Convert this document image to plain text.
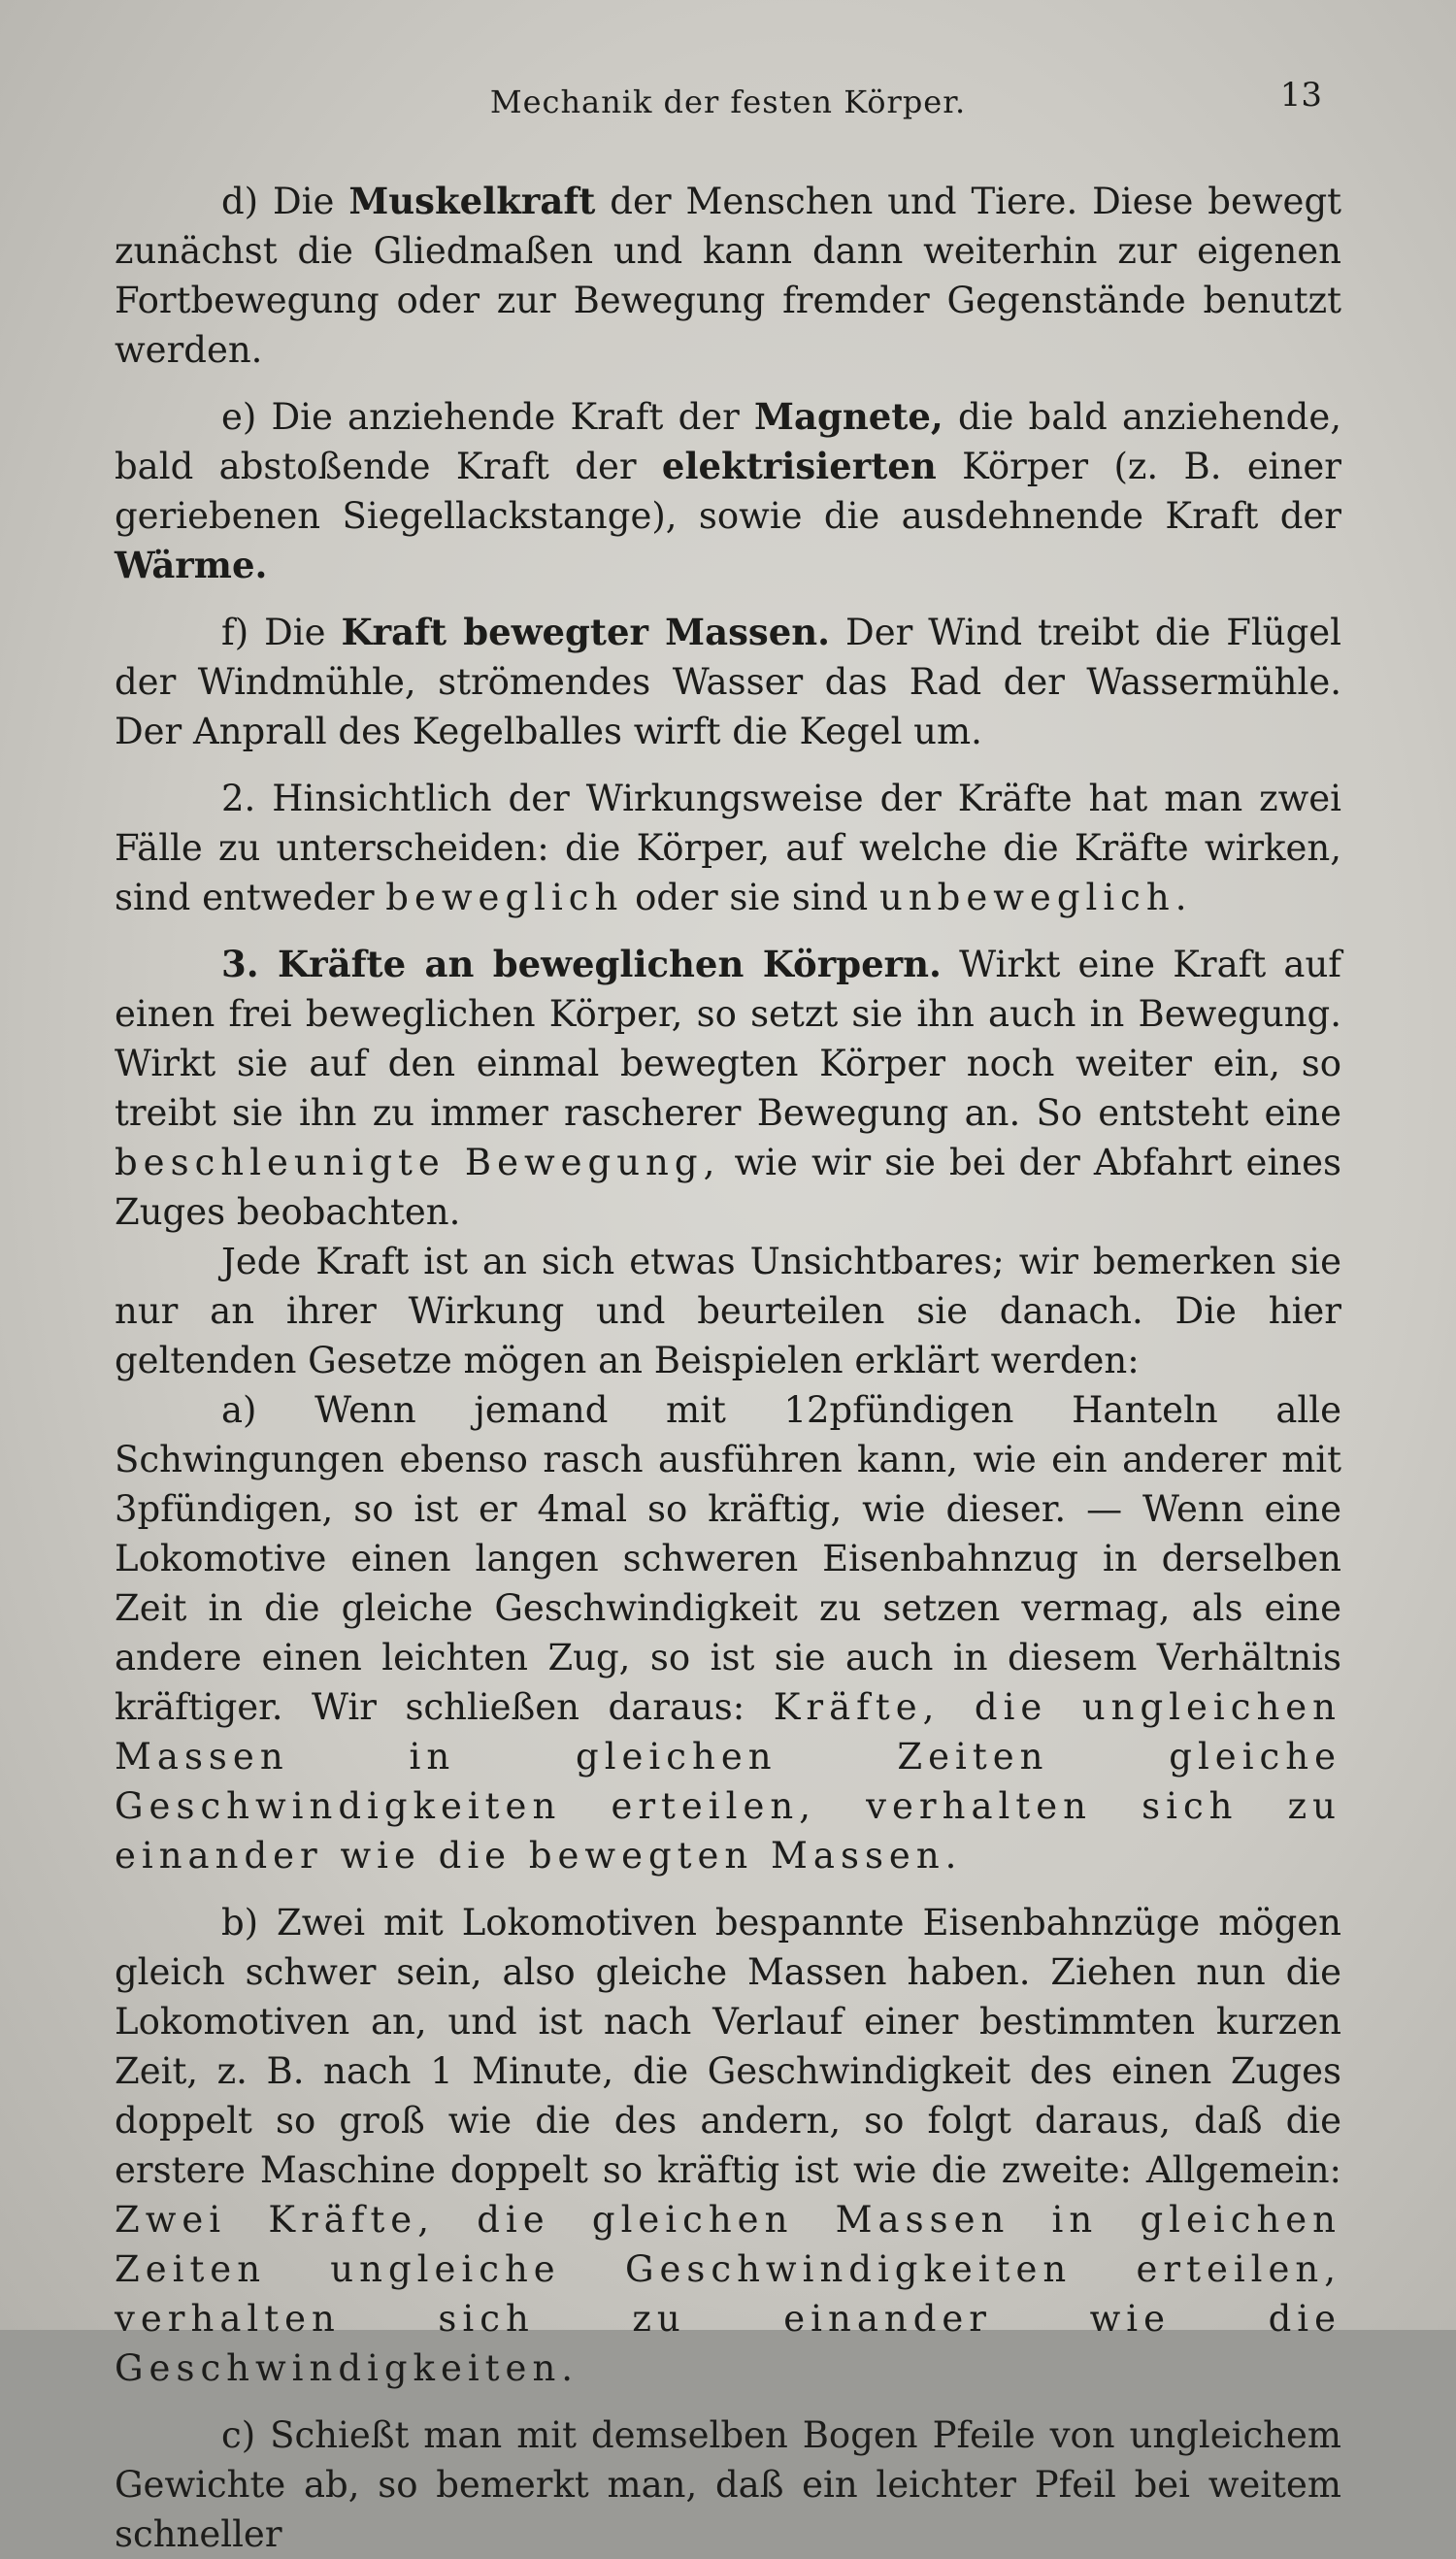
Mechanik der festen Körper.	13

d) Die Muskelkraft der Menschen und Tiere. Diese bewegt zunächst die Gliedmaßen und kann dann weiterhin zur eigenen Fortbewegung oder zur Bewegung fremder Gegenstände benutzt werden.

e) Die anziehende Kraft der Magnete, die bald anziehende, bald abstoßende Kraft der elektrisierten Körper (z. B. einer geriebenen Siegellackstange), sowie die ausdehnende Kraft der Wärme.

f) Die Kraft bewegter Massen. Der Wind treibt die Flügel der Windmühle, strömendes Wasser das Rad der Wassermühle. Der Anprall des Kegelballes wirft die Kegel um.

2. Hinsichtlich der Wirkungsweise der Kräfte hat man zwei Fälle zu unterscheiden: die Körper, auf welche die Kräfte wirken, sind entweder beweglich oder sie sind unbeweglich.

3. Kräfte an beweglichen Körpern. Wirkt eine Kraft auf einen frei beweglichen Körper, so setzt sie ihn auch in Bewegung. Wirkt sie auf den einmal bewegten Körper noch weiter ein, so treibt sie ihn zu immer rascherer Bewegung an. So entsteht eine beschleunigte Bewegung, wie wir sie bei der Abfahrt eines Zuges beobachten.

Jede Kraft ist an sich etwas Unsichtbares; wir bemerken sie nur an ihrer Wirkung und beurteilen sie danach. Die hier geltenden Gesetze mögen an Beispielen erklärt werden:

a) Wenn jemand mit 12pfündigen Hanteln alle Schwingungen ebenso rasch ausführen kann, wie ein anderer mit 3pfündigen, so ist er 4mal so kräftig, wie dieser. — Wenn eine Lokomotive einen langen schweren Eisenbahnzug in derselben Zeit in die gleiche Geschwindigkeit zu setzen vermag, als eine andere einen leichten Zug, so ist sie auch in diesem Verhältnis kräftiger. Wir schließen daraus: Kräfte, die ungleichen Massen in gleichen Zeiten gleiche Geschwindigkeiten erteilen, verhalten sich zu einander wie die bewegten Massen.

b) Zwei mit Lokomotiven bespannte Eisenbahnzüge mögen gleich schwer sein, also gleiche Massen haben. Ziehen nun die Lokomotiven an, und ist nach Verlauf einer bestimmten kurzen Zeit, z. B. nach 1 Minute, die Geschwindigkeit des einen Zuges doppelt so groß wie die des andern, so folgt daraus, daß die erstere Maschine doppelt so kräftig ist wie die zweite: Allgemein: Zwei Kräfte, die gleichen Massen in gleichen Zeiten ungleiche Geschwindigkeiten erteilen, verhalten sich zu einander wie die Geschwindigkeiten.

c) Schießt man mit demselben Bogen Pfeile von ungleichem Gewichte ab, so bemerkt man, daß ein leichter Pfeil bei weitem schneller
